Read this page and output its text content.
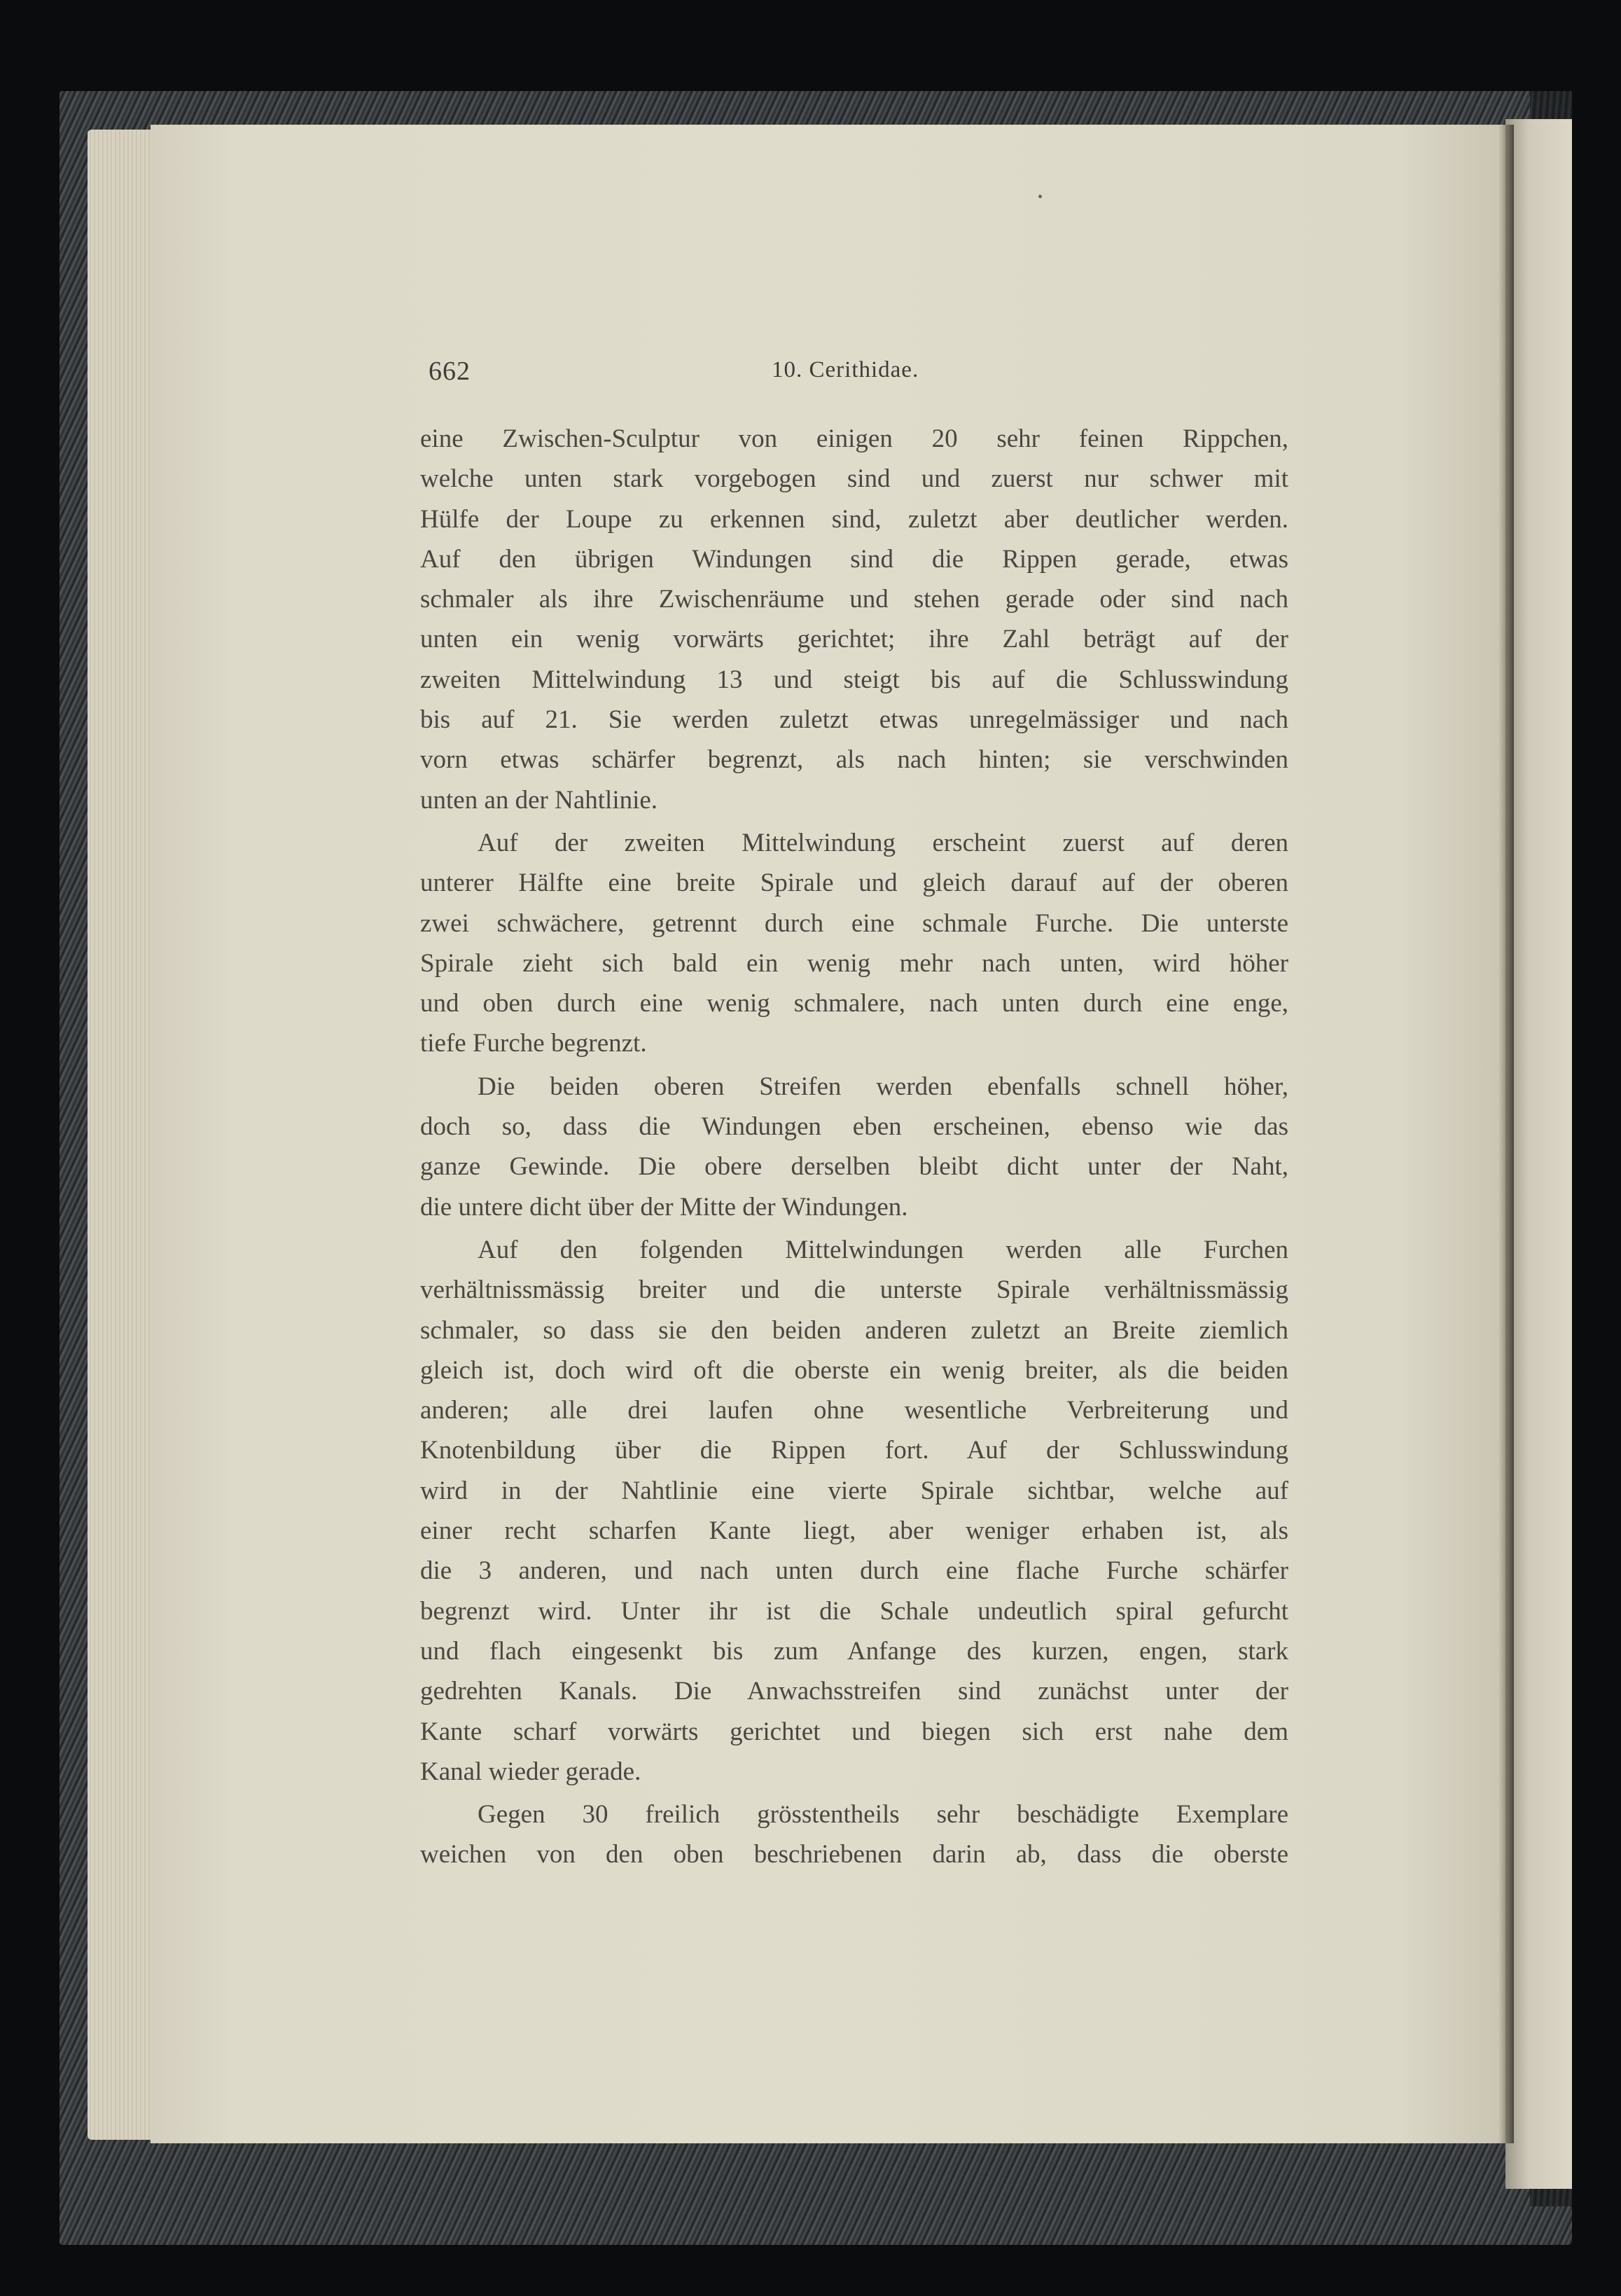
662	10. Cerithidae.
eine Zwischen-Sculptur von einigen 20 sehr feinen Rippchen,
welche unten stark vorgebogen sind und zuerst nur schwer mit
Hülfe der Loupe zu erkennen sind, zuletzt aber deutlicher werden.
Auf den übrigen Windungen sind die Rippen gerade, etwas
schmaler als ihre Zwischenräume und stehen gerade oder sind nach
unten ein wenig vorwärts gerichtet; ihre Zahl beträgt auf der
zweiten Mittelwindung 13 und steigt bis auf die Schlusswindung
bis auf 21. Sie werden zuletzt etwas unregelmässiger und nach
vorn etwas schärfer begrenzt, als nach hinten; sie verschwinden
unten an der Nahtlinie.
Auf der zweiten Mittelwindung erscheint zuerst auf deren
unterer Hälfte eine breite Spirale und gleich darauf auf der oberen
zwei schwächere, getrennt durch eine schmale Furche. Die unterste
Spirale zieht sich bald ein wenig mehr nach unten, wird höher
und oben durch eine wenig schmalere, nach unten durch eine enge,
tiefe Furche begrenzt.
Die beiden oberen Streifen werden ebenfalls schnell höher,
doch so, dass die Windungen eben erscheinen, ebenso wie das
ganze Gewinde. Die obere derselben bleibt dicht unter der Naht,
die untere dicht über der Mitte der Windungen.
Auf den folgenden Mittelwindungen werden alle Furchen
verhältnissmässig breiter und die unterste Spirale verhältnissmässig
schmaler, so dass sie den beiden anderen zuletzt an Breite ziemlich
gleich ist, doch wird oft die oberste ein wenig breiter, als die beiden
anderen; alle drei laufen ohne wesentliche Verbreiterung und
Knotenbildung über die Rippen fort. Auf der Schlusswindung
wird in der Nahtlinie eine vierte Spirale sichtbar, welche auf
einer recht scharfen Kante liegt, aber weniger erhaben ist, als
die 3 anderen, und nach unten durch eine flache Furche schärfer
begrenzt wird. Unter ihr ist die Schale undeutlich spiral gefurcht
und flach eingesenkt bis zum Anfange des kurzen, engen, stark
gedrehten Kanals. Die Anwachsstreifen sind zunächst unter der
Kante scharf vorwärts gerichtet und biegen sich erst nahe dem
Kanal wieder gerade.
Gegen 30 freilich grösstentheils sehr beschädigte Exemplare
weichen von den oben beschriebenen darin ab, dass die oberste
